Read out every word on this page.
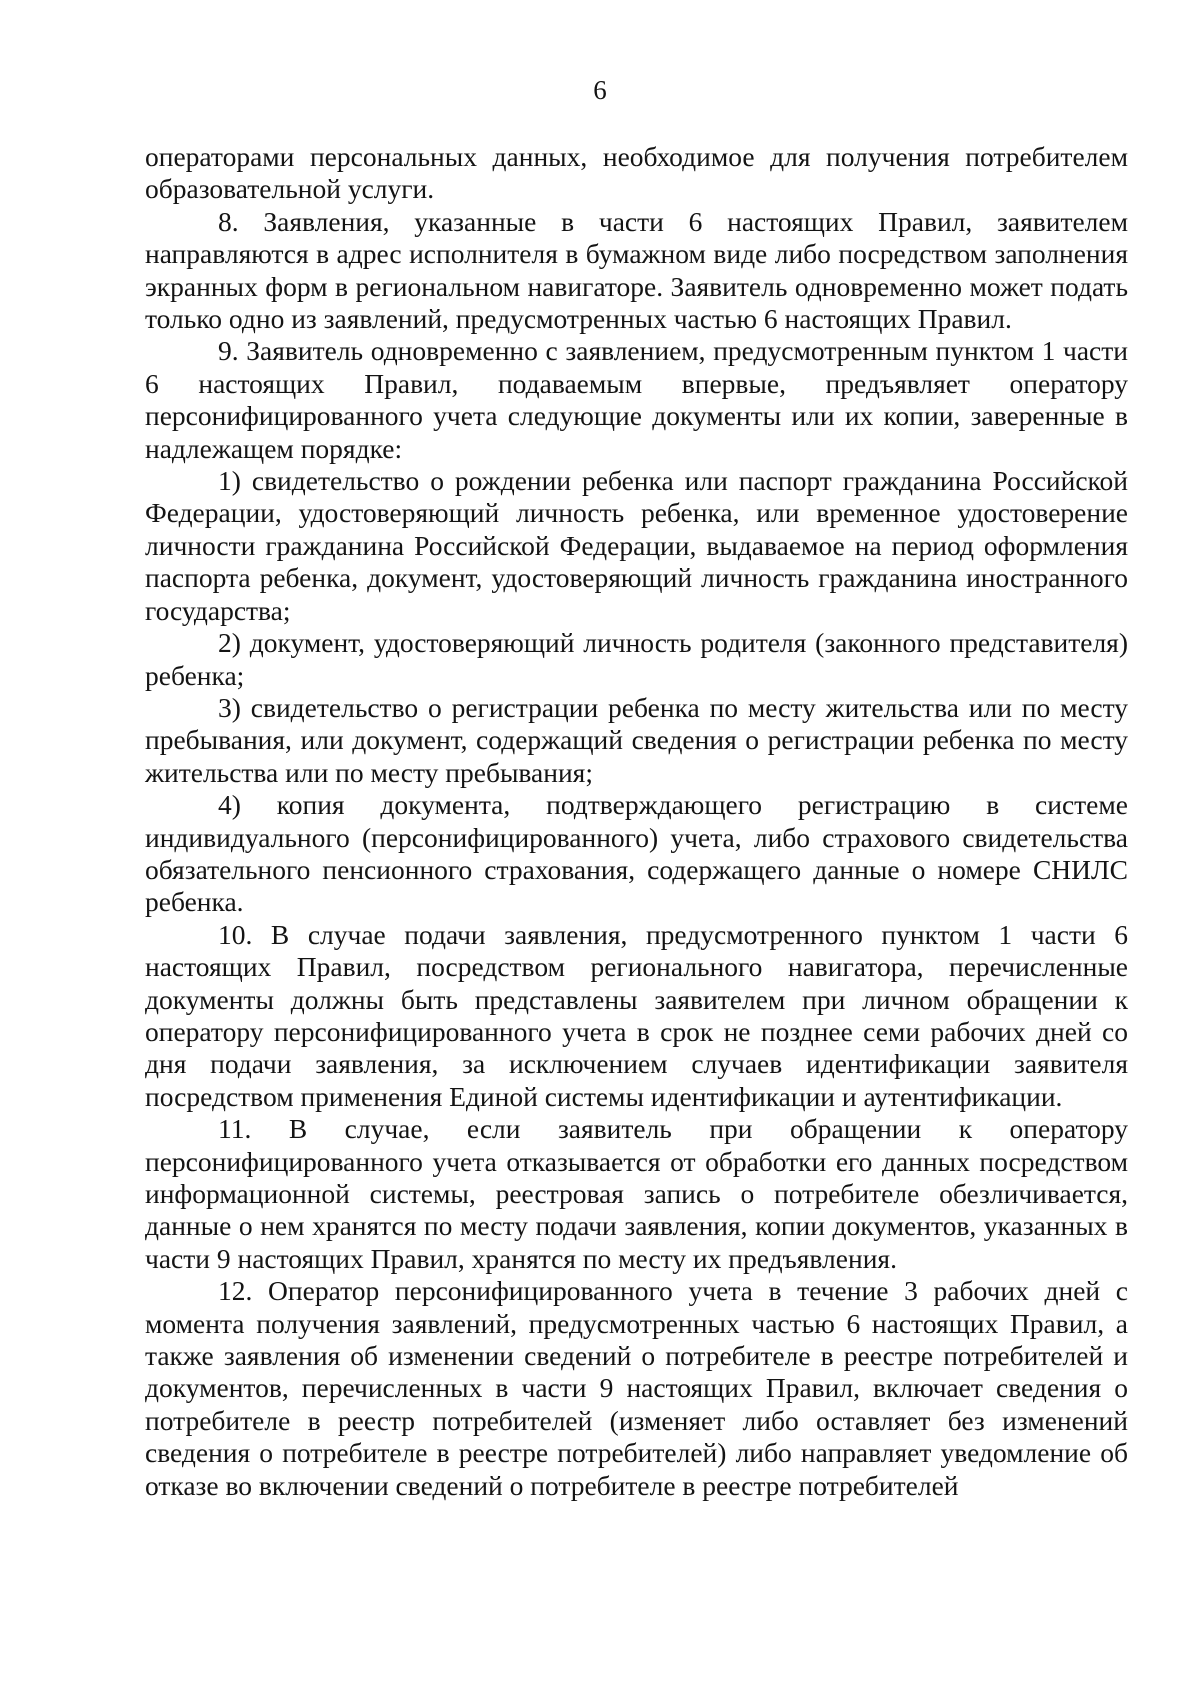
6

операторами персональных данных, необходимое для получения потребителем образовательной услуги.

8. Заявления, указанные в части 6 настоящих Правил, заявителем направляются в адрес исполнителя в бумажном виде либо посредством заполнения экранных форм в региональном навигаторе. Заявитель одновременно может подать только одно из заявлений, предусмотренных частью 6 настоящих Правил.

9. Заявитель одновременно с заявлением, предусмотренным пунктом 1 части 6 настоящих Правил, подаваемым впервые, предъявляет оператору персонифицированного учета следующие документы или их копии, заверенные в надлежащем порядке:

1) свидетельство о рождении ребенка или паспорт гражданина Российской Федерации, удостоверяющий личность ребенка, или временное удостоверение личности гражданина Российской Федерации, выдаваемое на период оформления паспорта ребенка, документ, удостоверяющий личность гражданина иностранного государства;

2) документ, удостоверяющий личность родителя (законного представителя) ребенка;

3) свидетельство о регистрации ребенка по месту жительства или по месту пребывания, или документ, содержащий сведения о регистрации ребенка по месту жительства или по месту пребывания;

4) копия документа, подтверждающего регистрацию в системе индивидуального (персонифицированного) учета, либо страхового свидетельства обязательного пенсионного страхования, содержащего данные о номере СНИЛС ребенка.

10. В случае подачи заявления, предусмотренного пунктом 1 части 6 настоящих Правил, посредством регионального навигатора, перечисленные документы должны быть представлены заявителем при личном обращении к оператору персонифицированного учета в срок не позднее семи рабочих дней со дня подачи заявления, за исключением случаев идентификации заявителя посредством применения Единой системы идентификации и аутентификации.

11. В случае, если заявитель при обращении к оператору персонифицированного учета отказывается от обработки его данных посредством информационной системы, реестровая запись о потребителе обезличивается, данные о нем хранятся по месту подачи заявления, копии документов, указанных в части 9 настоящих Правил, хранятся по месту их предъявления.

12. Оператор персонифицированного учета в течение 3 рабочих дней с момента получения заявлений, предусмотренных частью 6 настоящих Правил, а также заявления об изменении сведений о потребителе в реестре потребителей и документов, перечисленных в части 9 настоящих Правил, включает сведения о потребителе в реестр потребителей (изменяет либо оставляет без изменений сведения о потребителе в реестре потребителей) либо направляет уведомление об отказе во включении сведений о потребителе в реестре потребителей
